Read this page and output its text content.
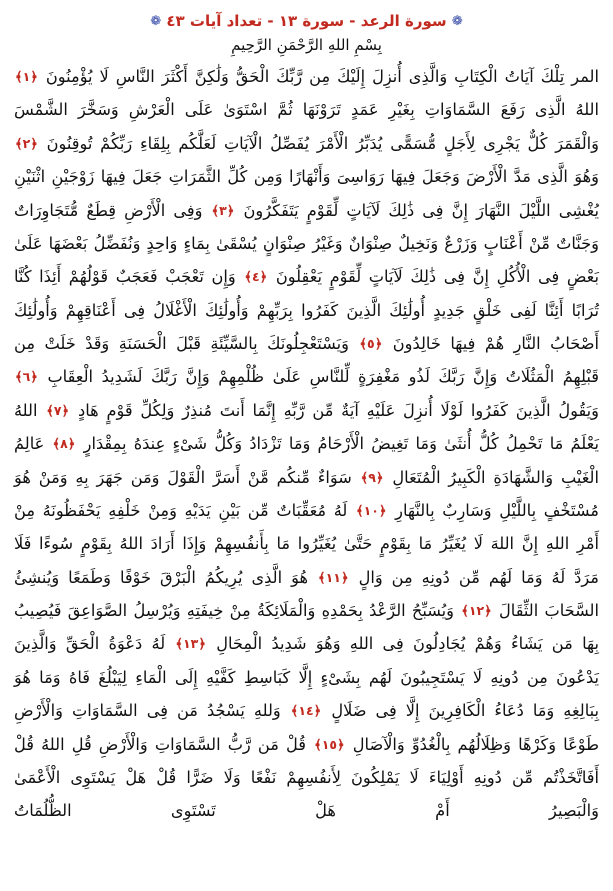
❁ سورة الرعد - سورة ١٣ - تعداد آيات ٤٣ ❁
بِسْمِ اللهِ الرَّحْمَنِ الرَّحِيمِ
المر تِلْكَ آيَاتُ الْكِتَابِ وَالَّذِى أُنزِلَ إِلَيْكَ مِن رَّبِّكَ الْحَقُّ وَلَٰكِنَّ أَكْثَرَ النَّاسِ لَا يُؤْمِنُونَ ﴿١﴾ اللهُ الَّذِى رَفَعَ السَّمَاوَاتِ بِغَيْرِ عَمَدٍ تَرَوْنَهَا ثُمَّ اسْتَوَىٰ عَلَى الْعَرْشِ وَسَخَّرَ الشَّمْسَ وَالْقَمَرَ كُلٌّ يَجْرِى لِأَجَلٍ مُّسَمًّى يُدَبِّرُ الْأَمْرَ يُفَصِّلُ الْآيَاتِ لَعَلَّكُم بِلِقَاءِ رَبِّكُمْ تُوقِنُونَ ﴿٢﴾ وَهُوَ الَّذِى مَدَّ الْأَرْضَ وَجَعَلَ فِيهَا رَوَاسِىَ وَأَنْهَارًا وَمِن كُلِّ الثَّمَرَاتِ جَعَلَ فِيهَا زَوْجَيْنِ اثْنَيْنِ يُغْشِى اللَّيْلَ النَّهَارَ إِنَّ فِى ذَٰلِكَ لَآيَاتٍ لِّقَوْمٍ يَتَفَكَّرُونَ ﴿٣﴾ وَفِى الْأَرْضِ قِطَعٌ مُّتَجَاوِرَاتٌ وَجَنَّاتٌ مِّنْ أَعْنَابٍ وَزَرْعٌ وَنَخِيلٌ صِنْوَانٌ وَغَيْرُ صِنْوَانٍ يُسْقَىٰ بِمَاءٍ وَاحِدٍ وَنُفَضِّلُ بَعْضَهَا عَلَىٰ بَعْضٍ فِى الْأُكُلِ إِنَّ فِى ذَٰلِكَ لَآيَاتٍ لِّقَوْمٍ يَعْقِلُونَ ﴿٤﴾ وَإِن تَعْجَبْ فَعَجَبٌ قَوْلُهُمْ أَئِذَا كُنَّا تُرَابًا أَئِنَّا لَفِى خَلْقٍ جَدِيدٍ أُولَٰئِكَ الَّذِينَ كَفَرُوا بِرَبِّهِمْ وَأُولَٰئِكَ الْأَغْلَالُ فِى أَعْنَاقِهِمْ وَأُولَٰئِكَ أَصْحَابُ النَّارِ هُمْ فِيهَا خَالِدُونَ ﴿٥﴾ وَيَسْتَعْجِلُونَكَ بِالسَّيِّئَةِ قَبْلَ الْحَسَنَةِ وَقَدْ خَلَتْ مِن قَبْلِهِمُ الْمَثُلَاتُ وَإِنَّ رَبَّكَ لَذُو مَغْفِرَةٍ لِّلنَّاسِ عَلَىٰ ظُلْمِهِمْ وَإِنَّ رَبَّكَ لَشَدِيدُ الْعِقَابِ ﴿٦﴾ وَيَقُولُ الَّذِينَ كَفَرُوا لَوْلَا أُنزِلَ عَلَيْهِ آيَةٌ مِّن رَّبِّهِ إِنَّمَا أَنتَ مُنذِرٌ وَلِكُلِّ قَوْمٍ هَادٍ ﴿٧﴾ اللهُ يَعْلَمُ مَا تَحْمِلُ كُلُّ أُنثَىٰ وَمَا تَغِيضُ الْأَرْحَامُ وَمَا تَزْدَادُ وَكُلُّ شَىْءٍ عِندَهُ بِمِقْدَارٍ ﴿٨﴾ عَالِمُ الْغَيْبِ وَالشَّهَادَةِ الْكَبِيرُ الْمُتَعَالِ ﴿٩﴾ سَوَاءٌ مِّنكُم مَّنْ أَسَرَّ الْقَوْلَ وَمَن جَهَرَ بِهِ وَمَنْ هُوَ مُسْتَخْفٍ بِاللَّيْلِ وَسَارِبٌ بِالنَّهَارِ ﴿١٠﴾ لَهُ مُعَقِّبَاتٌ مِّن بَيْنِ يَدَيْهِ وَمِنْ خَلْفِهِ يَحْفَظُونَهُ مِنْ أَمْرِ اللهِ إِنَّ اللهَ لَا يُغَيِّرُ مَا بِقَوْمٍ حَتَّىٰ يُغَيِّرُوا مَا بِأَنفُسِهِمْ وَإِذَا أَرَادَ اللهُ بِقَوْمٍ سُوءًا فَلَا مَرَدَّ لَهُ وَمَا لَهُم مِّن دُونِهِ مِن وَالٍ ﴿١١﴾ هُوَ الَّذِى يُرِيكُمُ الْبَرْقَ خَوْفًا وَطَمَعًا وَيُنشِئُ السَّحَابَ الثِّقَالَ ﴿١٢﴾ وَيُسَبِّحُ الرَّعْدُ بِحَمْدِهِ وَالْمَلَائِكَةُ مِنْ خِيفَتِهِ وَيُرْسِلُ الصَّوَاعِقَ فَيُصِيبُ بِهَا مَن يَشَاءُ وَهُمْ يُجَادِلُونَ فِى اللهِ وَهُوَ شَدِيدُ الْمِحَالِ ﴿١٣﴾ لَهُ دَعْوَةُ الْحَقِّ وَالَّذِينَ يَدْعُونَ مِن دُونِهِ لَا يَسْتَجِيبُونَ لَهُم بِشَىْءٍ إِلَّا كَبَاسِطِ كَفَّيْهِ إِلَى الْمَاءِ لِيَبْلُغَ فَاهُ وَمَا هُوَ بِبَالِغِهِ وَمَا دُعَاءُ الْكَافِرِينَ إِلَّا فِى ضَلَالٍ ﴿١٤﴾ وَللهِ يَسْجُدُ مَن فِى السَّمَاوَاتِ وَالْأَرْضِ طَوْعًا وَكَرْهًا وَظِلَالُهُم بِالْغُدُوِّ وَالْآصَالِ ﴿١٥﴾ قُلْ مَن رَّبُّ السَّمَاوَاتِ وَالْأَرْضِ قُلِ اللهُ قُلْ أَفَاتَّخَذْتُم مِّن دُونِهِ أَوْلِيَاءَ لَا يَمْلِكُونَ لِأَنفُسِهِمْ نَفْعًا وَلَا ضَرًّا قُلْ هَلْ يَسْتَوِى الْأَعْمَىٰ وَالْبَصِيرُ أَمْ هَلْ تَسْتَوِى الظُّلُمَاتُ
